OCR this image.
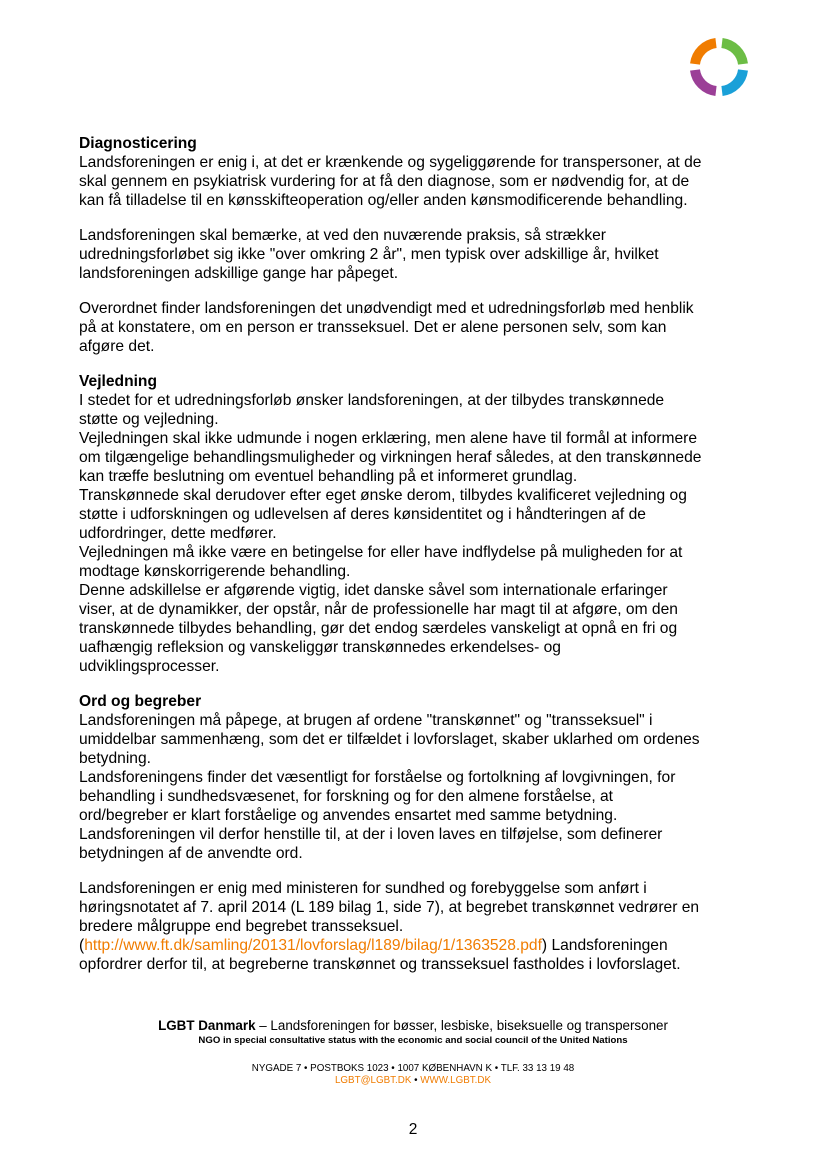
Diagnosticering
Landsforeningen er enig i, at det er krænkende og sygeliggørende for transpersoner, at de
skal gennem en psykiatrisk vurdering for at få den diagnose, som er nødvendig for, at de
kan få tilladelse til en kønsskifteoperation og/eller anden kønsmodificerende behandling.
Landsforeningen skal bemærke, at ved den nuværende praksis, så strækker
udredningsforløbet sig ikke "over omkring 2 år", men typisk over adskillige år, hvilket
landsforeningen adskillige gange har påpeget.
Overordnet finder landsforeningen det unødvendigt med et udredningsforløb med henblik
på at konstatere, om en person er transseksuel. Det er alene personen selv, som kan
afgøre det.
Vejledning
I stedet for et udredningsforløb ønsker landsforeningen, at der tilbydes transkønnede
støtte og vejledning.
Vejledningen skal ikke udmunde i nogen erklæring, men alene have til formål at informere
om tilgængelige behandlingsmuligheder og virkningen heraf således, at den transkønnede
kan træffe beslutning om eventuel behandling på et informeret grundlag.
Transkønnede skal derudover efter eget ønske derom, tilbydes kvalificeret vejledning og
støtte i udforskningen og udlevelsen af deres kønsidentitet og i håndteringen af de
udfordringer, dette medfører.
Vejledningen må ikke være en betingelse for eller have indflydelse på muligheden for at
modtage kønskorrigerende behandling.
Denne adskillelse er afgørende vigtig, idet danske såvel som internationale erfaringer
viser, at de dynamikker, der opstår, når de professionelle har magt til at afgøre, om den
transkønnede tilbydes behandling, gør det endog særdeles vanskeligt at opnå en fri og
uafhængig refleksion og vanskeliggør transkønnedes erkendelses- og
udviklingsprocesser.
Ord og begreber
Landsforeningen må påpege, at brugen af ordene "transkønnet" og "transseksuel" i
umiddelbar sammenhæng, som det er tilfældet i lovforslaget, skaber uklarhed om ordenes
betydning.
Landsforeningens finder det væsentligt for forståelse og fortolkning af lovgivningen, for
behandling i sundhedsvæsenet, for forskning og for den almene forståelse, at
ord/begreber er klart forståelige og anvendes ensartet med samme betydning.
Landsforeningen vil derfor henstille til, at der i loven laves en tilføjelse, som definerer
betydningen af de anvendte ord.
Landsforeningen er enig med ministeren for sundhed og forebyggelse som anført i
høringsnotatet af 7. april 2014 (L 189 bilag 1, side 7), at begrebet transkønnet vedrører en
bredere målgruppe end begrebet transseksuel.
(http://www.ft.dk/samling/20131/lovforslag/l189/bilag/1/1363528.pdf) Landsforeningen
opfordrer derfor til, at begreberne transkønnet og transseksuel fastholdes i lovforslaget.
LGBT Danmark – Landsforeningen for bøsser, lesbiske, biseksuelle og transpersoner
NGO in special consultative status with the economic and social council of the United Nations
NYGADE 7 • POSTBOKS 1023 • 1007 KØBENHAVN K • TLF. 33 13 19 48
LGBT@LGBT.DK • WWW.LGBT.DK
2
